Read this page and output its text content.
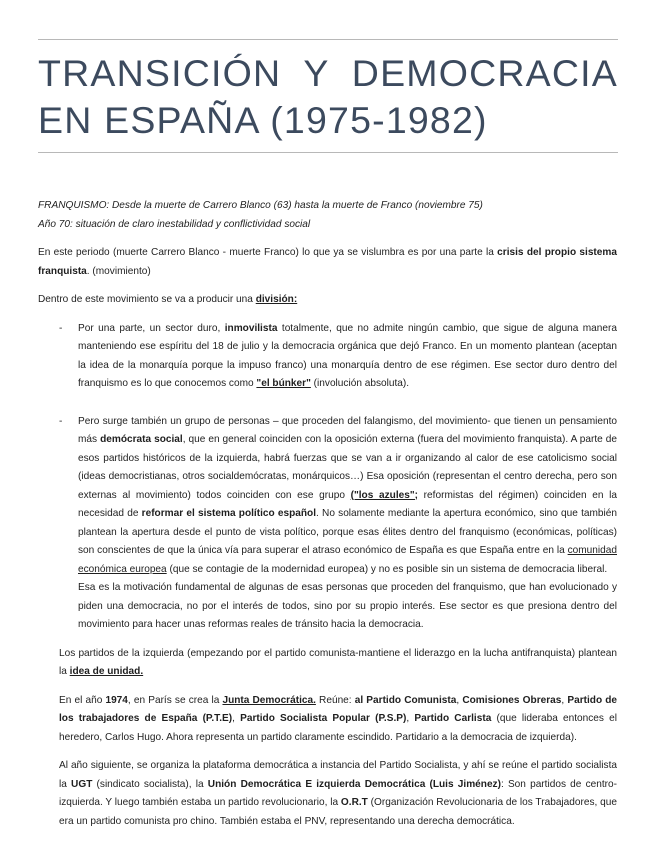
TRANSICIÓN Y DEMOCRACIA EN ESPAÑA (1975-1982)

FRANQUISMO: Desde la muerte de Carrero Blanco (63) hasta la muerte de Franco (noviembre 75)

Año 70: situación de claro inestabilidad y conflictividad social

En este periodo (muerte Carrero Blanco - muerte Franco) lo que ya se vislumbra es por una parte la crisis del propio sistema franquista. (movimiento)

Dentro de este movimiento se va a producir una división:

- Por una parte, un sector duro, inmovilista totalmente, que no admite ningún cambio, que sigue de alguna manera manteniendo ese espíritu del 18 de julio y la democracia orgánica que dejó Franco. En un momento plantean (aceptan la idea de la monarquía porque la impuso franco) una monarquía dentro de ese régimen. Ese sector duro dentro del franquismo es lo que conocemos como "el búnker" (involución absoluta).

- Pero surge también un grupo de personas – que proceden del falangismo, del movimiento- que tienen un pensamiento más demócrata social, que en general coinciden con la oposición externa (fuera del movimiento franquista). A parte de esos partidos históricos de la izquierda, habrá fuerzas que se van a ir organizando al calor de ese catolicismo social (ideas democristianas, otros socialdemócratas, monárquicos…) Esa oposición (representan el centro derecha, pero son externas al movimiento) todos coinciden con ese grupo ("los azules"; reformistas del régimen) coinciden en la necesidad de reformar el sistema político español. No solamente mediante la apertura económico, sino que también plantean la apertura desde el punto de vista político, porque esas élites dentro del franquismo (económicas, políticas) son conscientes de que la única vía para superar el atraso económico de España es que España entre en la comunidad económica europea (que se contagie de la modernidad europea) y no es posible sin un sistema de democracia liberal.

Esa es la motivación fundamental de algunas de esas personas que proceden del franquismo, que han evolucionado y piden una democracia, no por el interés de todos, sino por su propio interés. Ese sector es que presiona dentro del movimiento para hacer unas reformas reales de tránsito hacia la democracia.

Los partidos de la izquierda (empezando por el partido comunista-mantiene el liderazgo en la lucha antifranquista) plantean la idea de unidad.

En el año 1974, en París se crea la Junta Democrática. Reúne: al Partido Comunista, Comisiones Obreras, Partido de los trabajadores de España (P.T.E), Partido Socialista Popular (P.S.P), Partido Carlista (que lideraba entonces el heredero, Carlos Hugo. Ahora representa un partido claramente escindido. Partidario a la democracia de izquierda).

Al año siguiente, se organiza la plataforma democrática a instancia del Partido Socialista, y ahí se reúne el partido socialista la UGT (sindicato socialista), la Unión Democrática E izquierda Democrática (Luis Jiménez): Son partidos de centro-izquierda. Y luego también estaba un partido revolucionario, la O.R.T (Organización Revolucionaria de los Trabajadores, que era un partido comunista pro chino. También estaba el PNV, representando una derecha democrática.
